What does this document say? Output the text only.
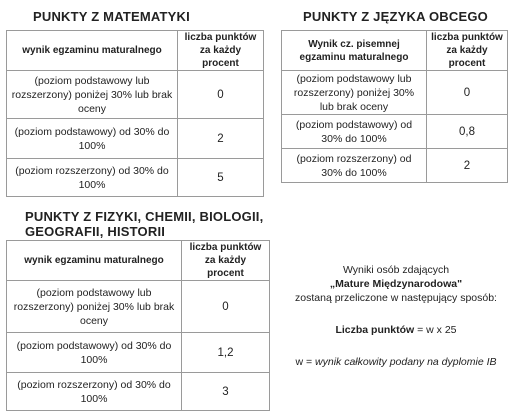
PUNKTY Z MATEMATYKI
wynik egzaminu maturalnego	liczba punktów za każdy procent
(poziom podstawowy lub rozszerzony) poniżej 30% lub brak oceny	0
(poziom podstawowy) od 30% do 100%	2
(poziom rozszerzony) od 30% do 100%	5
PUNKTY Z JĘZYKA OBCEGO
Wynik cz. pisemnej egzaminu maturalnego	liczba punktów za każdy procent
(poziom podstawowy lub rozszerzony) poniżej 30% lub brak oceny	0
(poziom podstawowy) od 30% do 100%	0,8
(poziom rozszerzony) od 30% do 100%	2
PUNKTY Z FIZYKI, CHEMII, BIOLOGII,
GEOGRAFII, HISTORII
wynik egzaminu maturalnego	liczba punktów za każdy procent
(poziom podstawowy lub rozszerzony) poniżej 30% lub brak oceny	0
(poziom podstawowy) od 30% do 100%	1,2
(poziom rozszerzony) od 30% do 100%	3
Wyniki osób zdających
„Mature Międzynarodowa"
zostaną przeliczone w następujący sposób:
Liczba punktów = w x 25
w = wynik całkowity podany na dyplomie IB
